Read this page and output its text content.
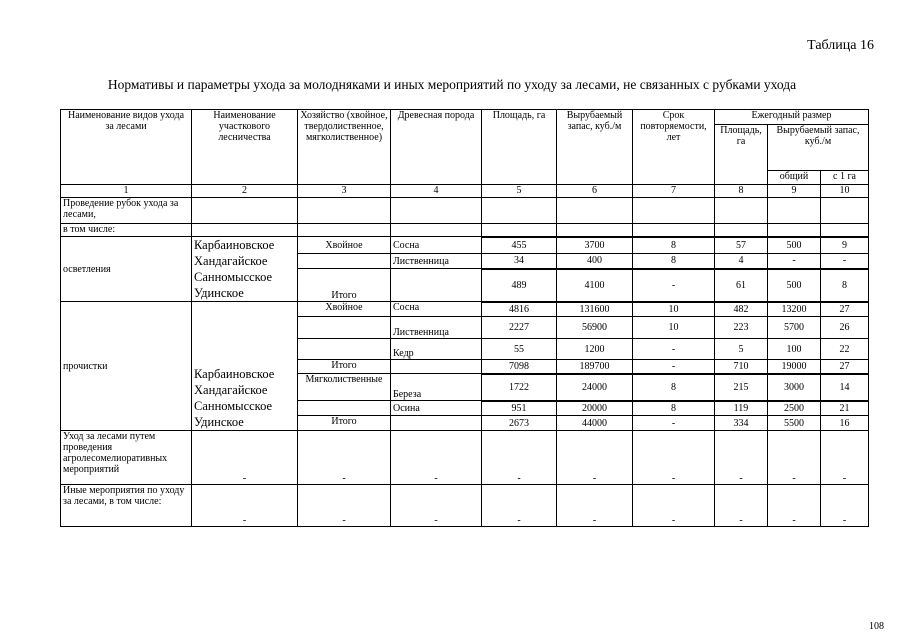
Таблица 16
Нормативы и параметры ухода за молодняками и иных мероприятий по уходу за лесами, не связанных с рубками ухода
Наименование видов ухода за лесами	Наименование участкового лесничества	Хозяйство (хвойное, твердолиственное, мягколиственное)	Древесная порода	Площадь, га	Вырубаемый запас, куб./м	Срок повторяемости, лет	Ежегодный размер		
							Площадь, га	Вырубаемый запас, куб./м	
								общий	с 1 га
1	2	3	4	5	6	7	8	9	10
Проведение рубок ухода за лесами,									
в том числе:									
осветления	Карбаиновское
Хандагайское
Санномысское
Удинское	Хвойное	Сосна	455	3700	8	57	500	9
			Лиственница	34	400	8	4	-	-
		Итого		489	4100	-	61	500	8
прочистки	Карбаиновское
Хандагайское
Санномысское
Удинское	Хвойное	Сосна	4816	131600	10	482	13200	27
			Лиственница	2227	56900	10	223	5700	26
			Кедр	55	1200	-	5	100	22
		Итого		7098	189700	-	710	19000	27
		Мягколиственные	Береза	1722	24000	8	215	3000	14
			Осина	951	20000	8	119	2500	21
		Итого		2673	44000	-	334	5500	16
Уход за лесами путем проведения агролесомелиоративных мероприятий	-	-	-	-	-	-	-	-	-
Иные мероприятия по уходу за лесами, в том числе:	-	-	-	-	-	-	-	-	-
108
